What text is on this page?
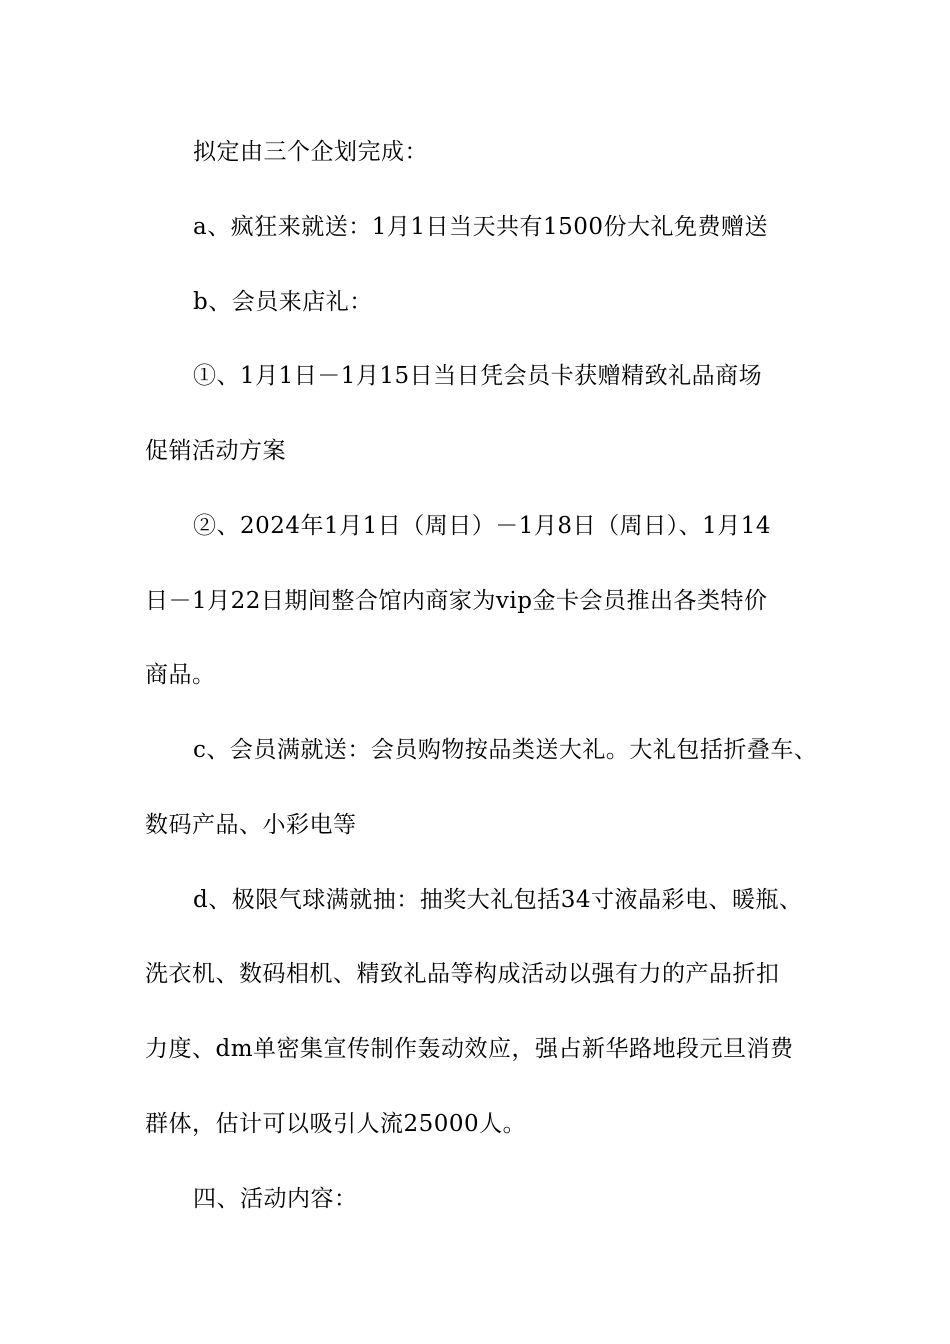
拟定由三个企划完成：
a、疯狂来就送：1月1日当天共有1500份大礼免费赠送
b、会员来店礼：
①、1月1日－1月15日当日凭会员卡获赠精致礼品商场
促销活动方案
②、2024年1月1日（周日）－1月8日（周日）、1月14
日－1月22日期间整合馆内商家为vip金卡会员推出各类特价
商品。
c、会员满就送：会员购物按品类送大礼。大礼包括折叠车、
数码产品、小彩电等
d、极限气球满就抽：抽奖大礼包括34寸液晶彩电、暖瓶、
洗衣机、数码相机、精致礼品等构成活动以强有力的产品折扣
力度、dm单密集宣传制作轰动效应，强占新华路地段元旦消费
群体，估计可以吸引人流25000人。
四、活动内容：
